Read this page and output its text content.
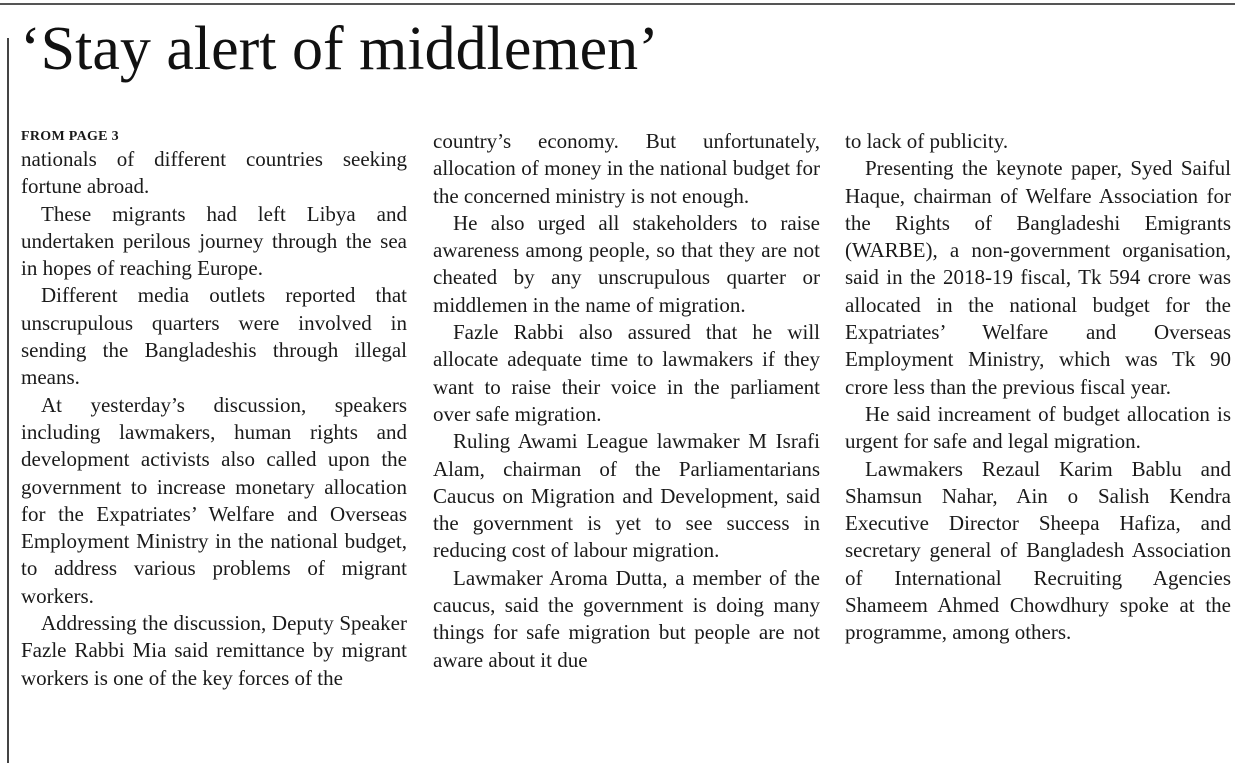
‘Stay alert of middlemen’
FROM PAGE 3

nationals of different countries seeking fortune abroad.

These migrants had left Libya and undertaken perilous journey through the sea in hopes of reaching Europe.

Different media outlets reported that unscrupulous quarters were involved in sending the Bangladeshis through illegal means.

At yesterday’s discussion, speakers including lawmakers, human rights and development activists also called upon the government to increase monetary allocation for the Expatriates’ Welfare and Overseas Employment Ministry in the national budget, to address various problems of migrant workers.

Addressing the discussion, Deputy Speaker Fazle Rabbi Mia said remittance by migrant workers is one of the key forces of the

country’s economy. But unfortunately, allocation of money in the national budget for the concerned ministry is not enough.

He also urged all stakeholders to raise awareness among people, so that they are not cheated by any unscrupulous quarter or middlemen in the name of migration.

Fazle Rabbi also assured that he will allocate adequate time to lawmakers if they want to raise their voice in the parliament over safe migration.

Ruling Awami League lawmaker M Israfi Alam, chairman of the Parliamentarians Caucus on Migration and Development, said the government is yet to see success in reducing cost of labour migration.

Lawmaker Aroma Dutta, a member of the caucus, said the government is doing many things for safe migration but people are not aware about it due

to lack of publicity.

Presenting the keynote paper, Syed Saiful Haque, chairman of Welfare Association for the Rights of Bangladeshi Emigrants (WARBE), a non-government organisation, said in the 2018-19 fiscal, Tk 594 crore was allocated in the national budget for the Expatriates’ Welfare and Overseas Employment Ministry, which was Tk 90 crore less than the previous fiscal year.

He said increament of budget allocation is urgent for safe and legal migration.

Lawmakers Rezaul Karim Bablu and Shamsun Nahar, Ain o Salish Kendra Executive Director Sheepa Hafiza, and secretary general of Bangladesh Association of International Recruiting Agencies Shameem Ahmed Chowdhury spoke at the programme, among others.
